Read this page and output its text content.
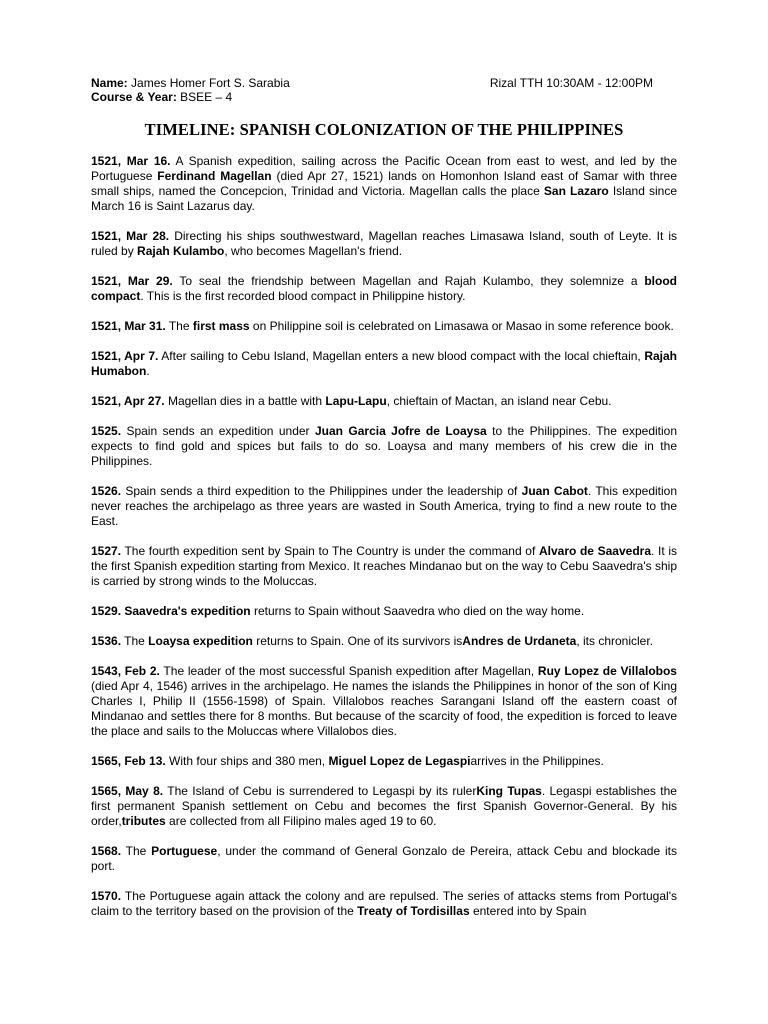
Name: James Homer Fort S. Sarabia	Rizal TTH 10:30AM - 12:00PM
Course & Year: BSEE – 4
TIMELINE: SPANISH COLONIZATION OF THE PHILIPPINES

1521, Mar 16. A Spanish expedition, sailing across the Pacific Ocean from east to west, and led by the Portuguese Ferdinand Magellan (died Apr 27, 1521) lands on Homonhon Island east of Samar with three small ships, named the Concepcion, Trinidad and Victoria. Magellan calls the place San Lazaro Island since March 16 is Saint Lazarus day.

1521, Mar 28. Directing his ships southwestward, Magellan reaches Limasawa Island, south of Leyte. It is ruled by Rajah Kulambo, who becomes Magellan's friend.

1521, Mar 29. To seal the friendship between Magellan and Rajah Kulambo, they solemnize a blood compact. This is the first recorded blood compact in Philippine history.

1521, Mar 31. The first mass on Philippine soil is celebrated on Limasawa or Masao in some reference book.

1521, Apr 7. After sailing to Cebu Island, Magellan enters a new blood compact with the local chieftain, Rajah Humabon.

1521, Apr 27. Magellan dies in a battle with Lapu-Lapu, chieftain of Mactan, an island near Cebu.

1525. Spain sends an expedition under Juan Garcia Jofre de Loaysa to the Philippines. The expedition expects to find gold and spices but fails to do so. Loaysa and many members of his crew die in the Philippines.

1526. Spain sends a third expedition to the Philippines under the leadership of Juan Cabot. This expedition never reaches the archipelago as three years are wasted in South America, trying to find a new route to the East.

1527. The fourth expedition sent by Spain to The Country is under the command of Alvaro de Saavedra. It is the first Spanish expedition starting from Mexico. It reaches Mindanao but on the way to Cebu Saavedra's ship is carried by strong winds to the Moluccas.

1529. Saavedra's expedition returns to Spain without Saavedra who died on the way home.

1536. The Loaysa expedition returns to Spain. One of its survivors isAndres de Urdaneta, its chronicler.

1543, Feb 2. The leader of the most successful Spanish expedition after Magellan, Ruy Lopez de Villalobos (died Apr 4, 1546) arrives in the archipelago. He names the islands the Philippines in honor of the son of King Charles I, Philip II (1556-1598) of Spain. Villalobos reaches Sarangani Island off the eastern coast of Mindanao and settles there for 8 months. But because of the scarcity of food, the expedition is forced to leave the place and sails to the Moluccas where Villalobos dies.

1565, Feb 13. With four ships and 380 men, Miguel Lopez de Legaspiarrives in the Philippines.

1565, May 8. The Island of Cebu is surrendered to Legaspi by its rulerKing Tupas. Legaspi establishes the first permanent Spanish settlement on Cebu and becomes the first Spanish Governor-General. By his order,tributes are collected from all Filipino males aged 19 to 60.

1568. The Portuguese, under the command of General Gonzalo de Pereira, attack Cebu and blockade its port.

1570. The Portuguese again attack the colony and are repulsed. The series of attacks stems from Portugal's claim to the territory based on the provision of the Treaty of Tordisillas entered into by Spain
